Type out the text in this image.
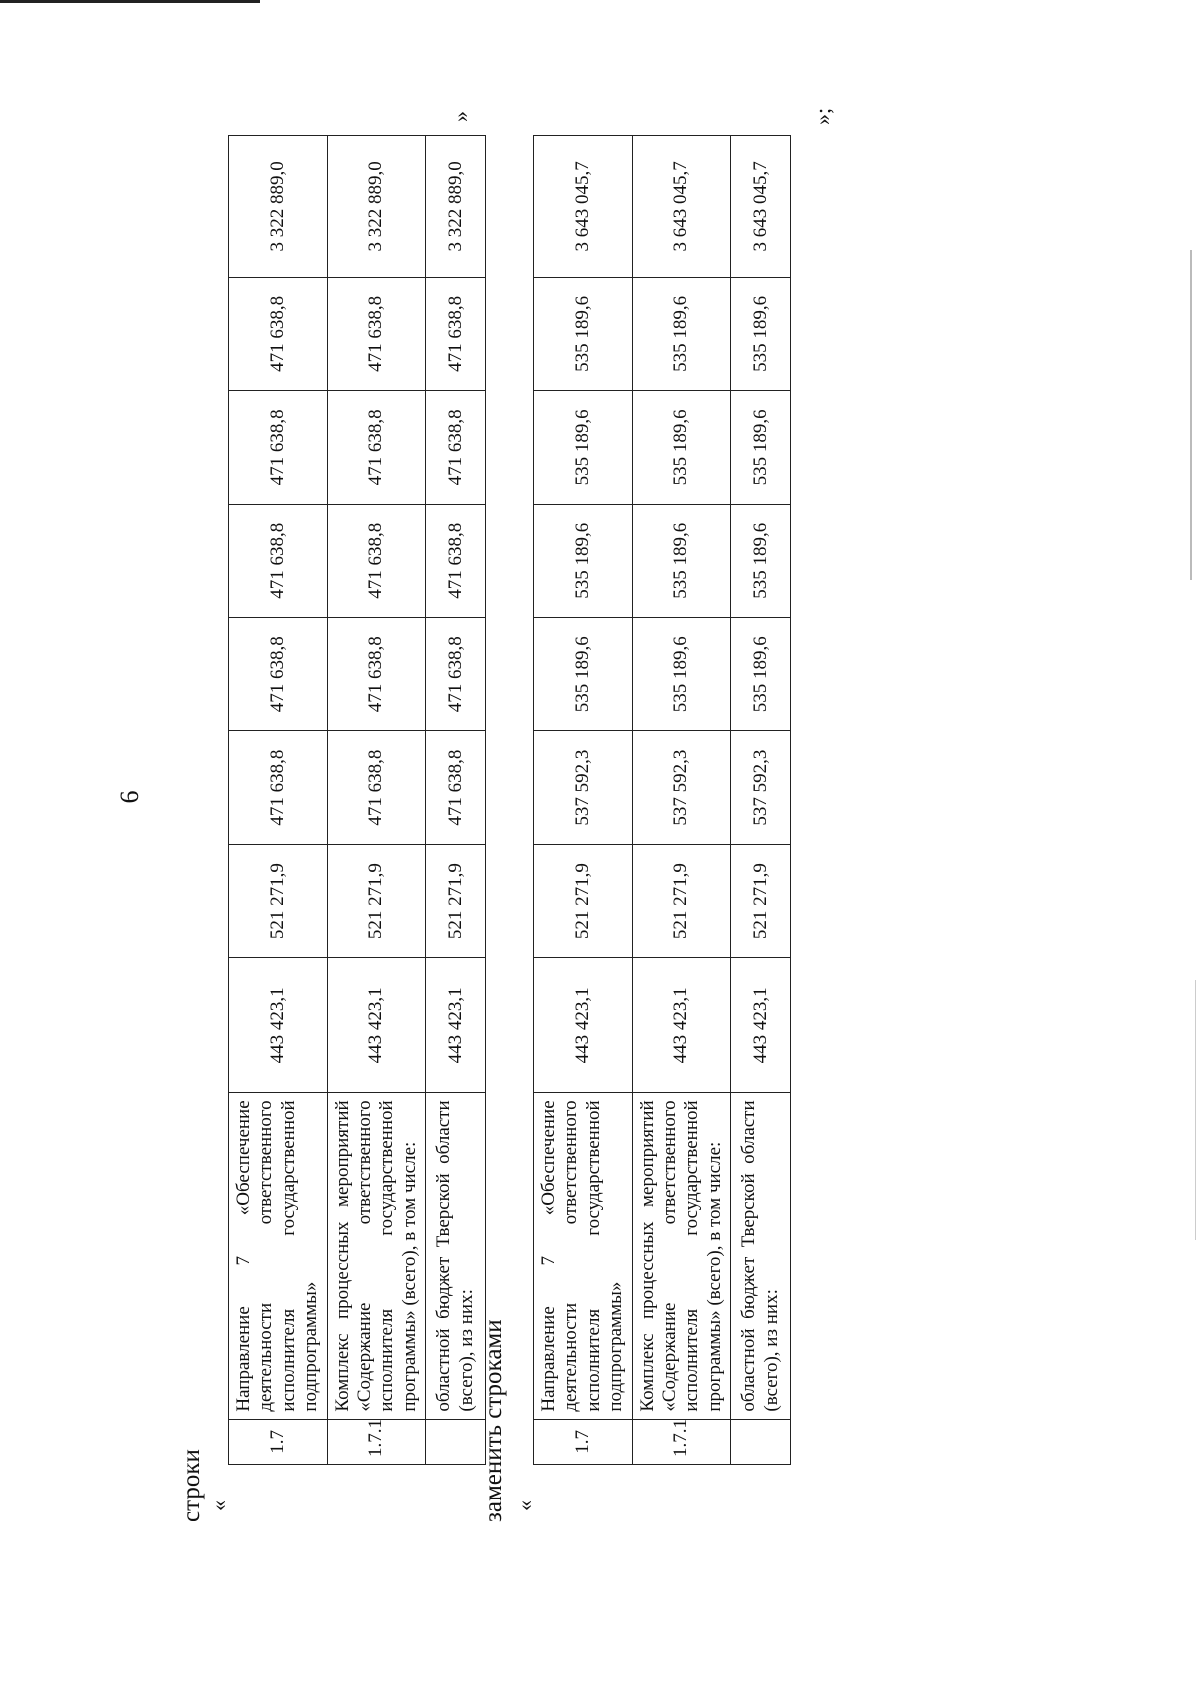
6
строки «
1.7	Направление 7 «Обеспечение деятельности ответственного исполнителя государственной подпрограммы»	443 423,1	521 271,9	471 638,8	471 638,8	471 638,8	471 638,8	471 638,8	3 322 889,0
1.7.1	Комплекс процессных мероприятий «Содержание ответственного исполнителя государственной программы» (всего), в том числе:	443 423,1	521 271,9	471 638,8	471 638,8	471 638,8	471 638,8	471 638,8	3 322 889,0
	областной бюджет Тверской области (всего), из них:	443 423,1	521 271,9	471 638,8	471 638,8	471 638,8	471 638,8	471 638,8	3 322 889,0
»
заменить строками «
1.7	Направление 7 «Обеспечение деятельности ответственного исполнителя государственной подпрограммы»	443 423,1	521 271,9	537 592,3	535 189,6	535 189,6	535 189,6	535 189,6	3 643 045,7
1.7.1	Комплекс процессных мероприятий «Содержание ответственного исполнителя государственной программы» (всего), в том числе:	443 423,1	521 271,9	537 592,3	535 189,6	535 189,6	535 189,6	535 189,6	3 643 045,7
	областной бюджет Тверской области (всего), из них:	443 423,1	521 271,9	537 592,3	535 189,6	535 189,6	535 189,6	535 189,6	3 643 045,7
»;
